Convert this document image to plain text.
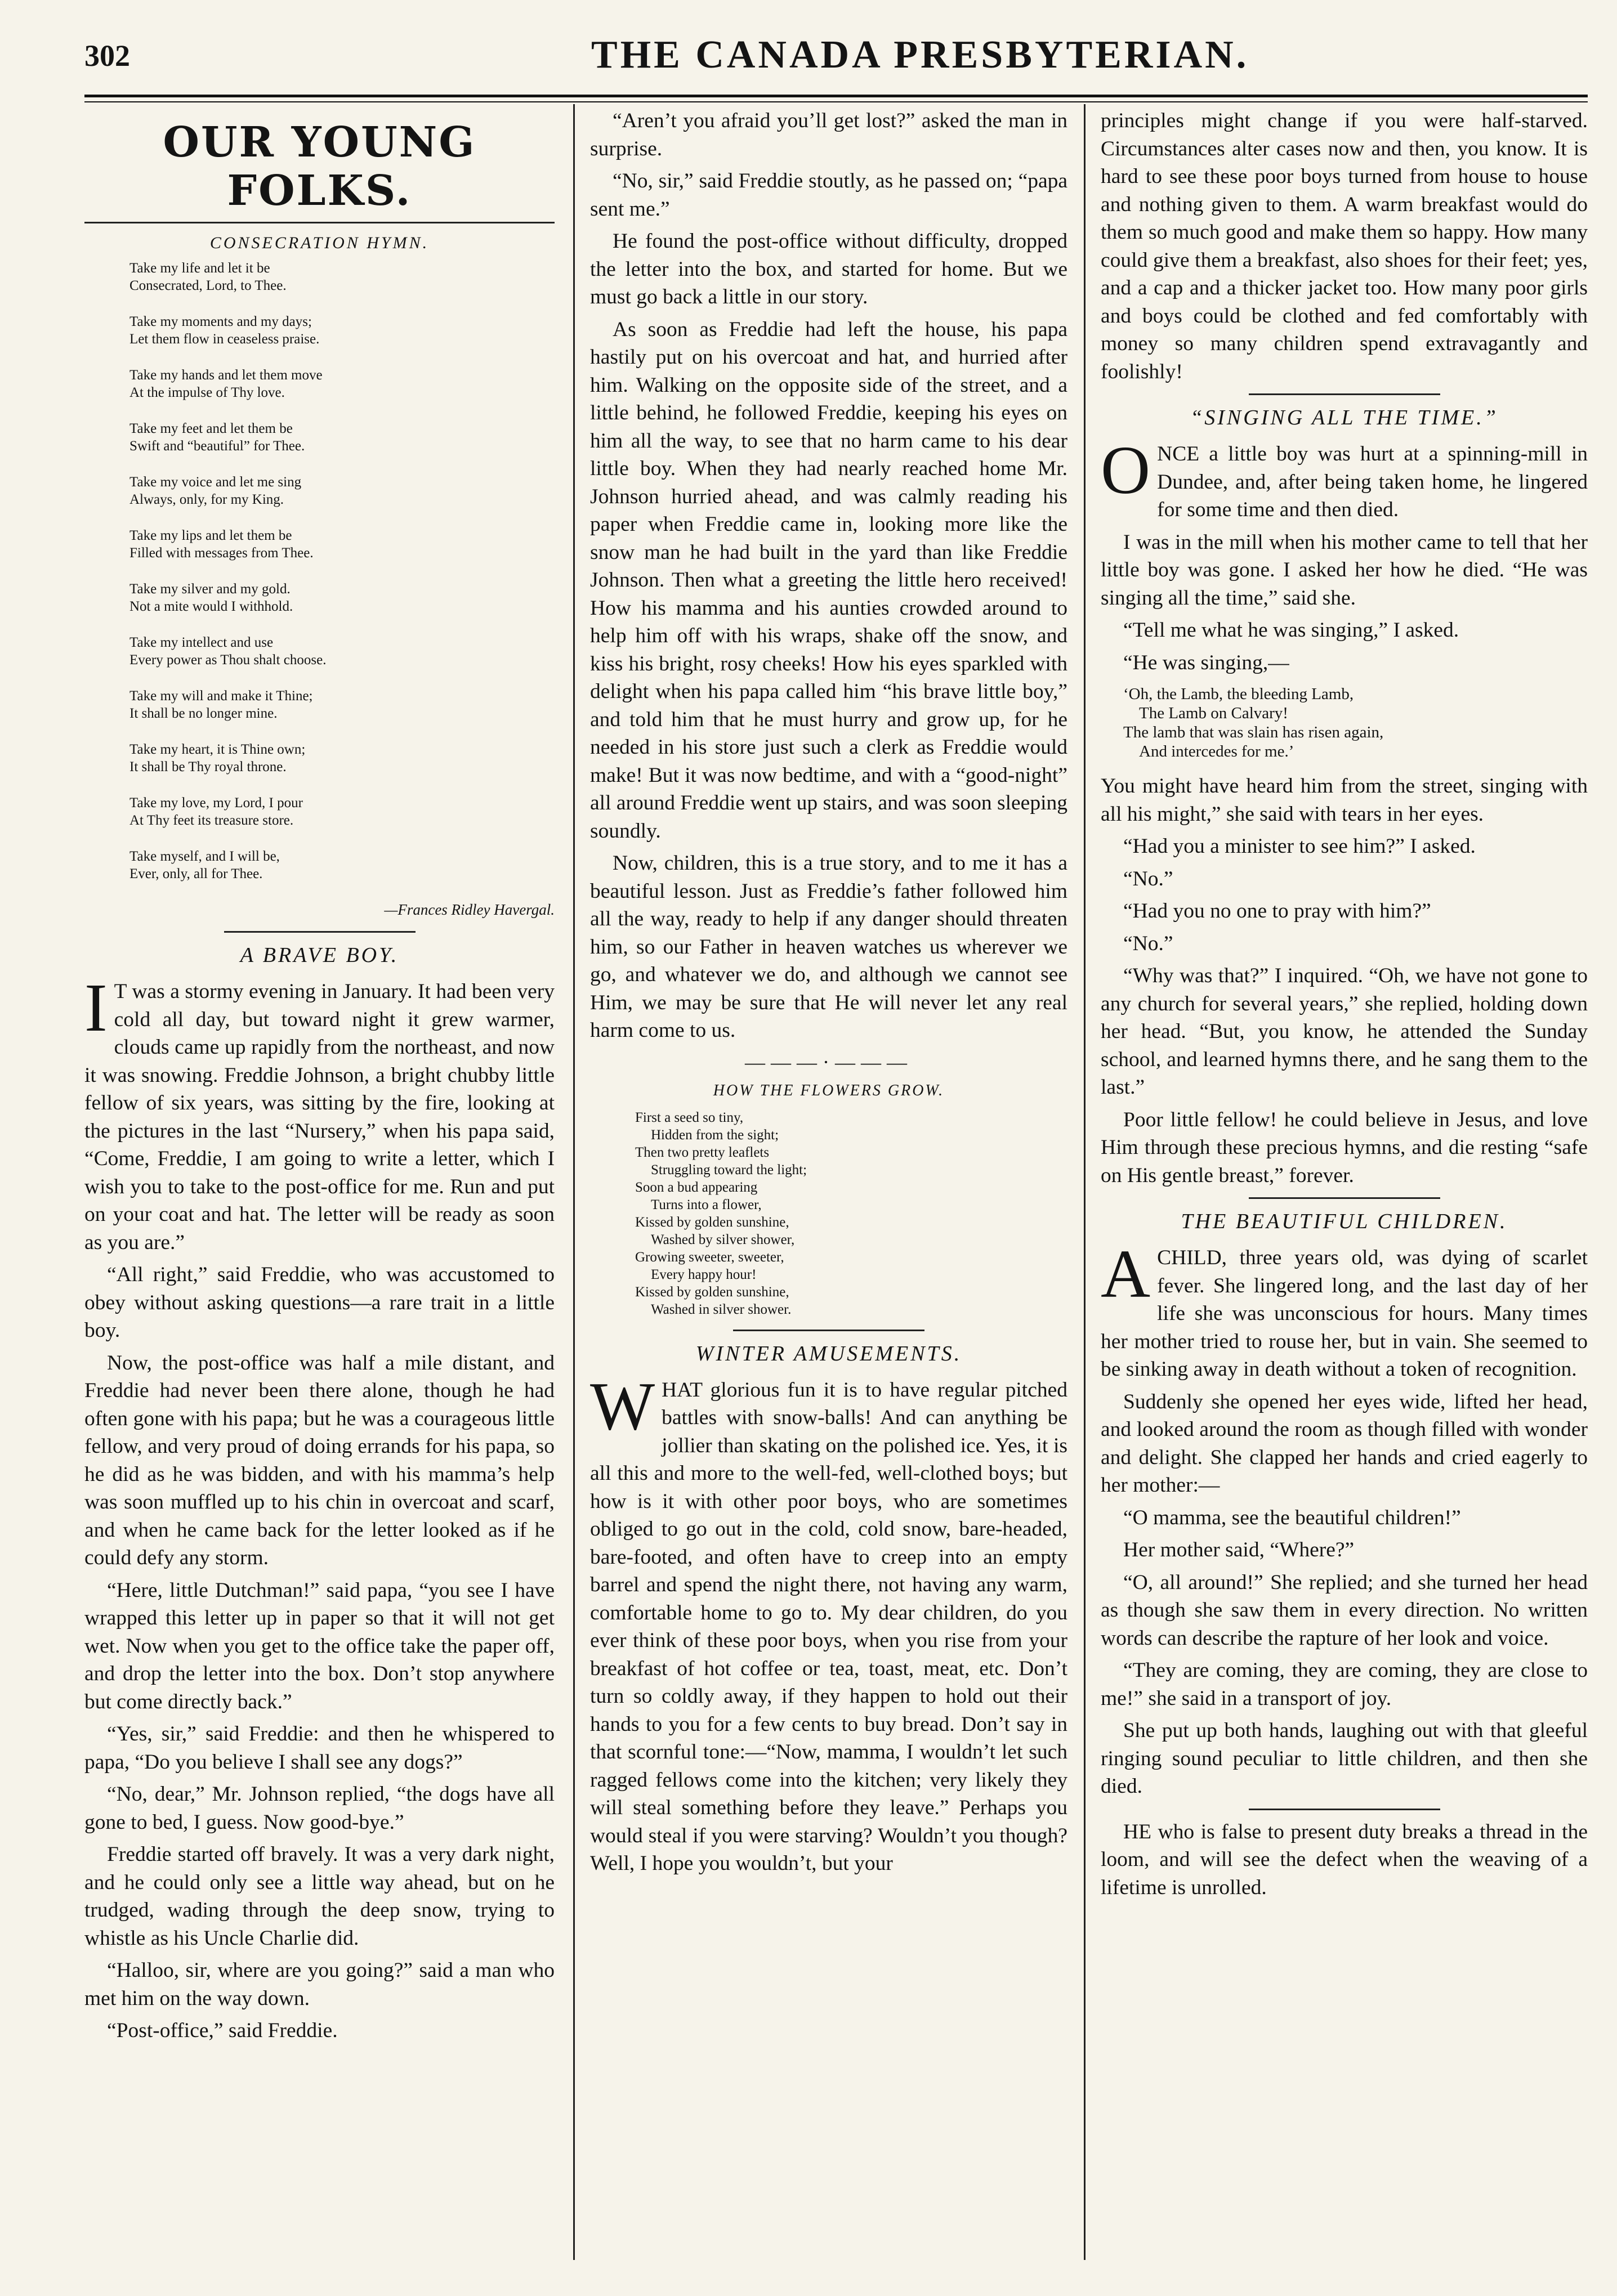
302	THE CANADA PRESBYTERIAN.
OUR YOUNG FOLKS.
CONSECRATION HYMN.
Take my life and let it be
Consecrated, Lord, to Thee.
Take my moments and my days;
Let them flow in ceaseless praise.
Take my hands and let them move
At the impulse of Thy love.
Take my feet and let them be
Swift and “beautiful” for Thee.
Take my voice and let me sing
Always, only, for my King.
Take my lips and let them be
Filled with messages from Thee.
Take my silver and my gold.
Not a mite would I withhold.
Take my intellect and use
Every power as Thou shalt choose.
Take my will and make it Thine;
It shall be no longer mine.
Take my heart, it is Thine own;
It shall be Thy royal throne.
Take my love, my Lord, I pour
At Thy feet its treasure store.
Take myself, and I will be,
Ever, only, all for Thee.
—Frances Ridley Havergal.
A BRAVE BOY.

I T was a stormy evening in January. It had been very cold all day, but toward night it grew warmer, clouds came up rapidly from the northeast, and now it was snowing. Freddie Johnson, a bright chubby little fellow of six years, was sitting by the fire, looking at the pictures in the last “Nursery,” when his papa said, “Come, Freddie, I am going to write a letter, which I wish you to take to the post-office for me. Run and put on your coat and hat. The letter will be ready as soon as you are.”

“All right,” said Freddie, who was accustomed to obey without asking questions—a rare trait in a little boy.

Now, the post-office was half a mile distant, and Freddie had never been there alone, though he had often gone with his papa; but he was a courageous little fellow, and very proud of doing errands for his papa, so he did as he was bidden, and with his mamma’s help was soon muffled up to his chin in overcoat and scarf, and when he came back for the letter looked as if he could defy any storm.

“Here, little Dutchman!” said papa, “you see I have wrapped this letter up in paper so that it will not get wet. Now when you get to the office take the paper off, and drop the letter into the box. Don’t stop anywhere but come directly back.”

“Yes, sir,” said Freddie: and then he whispered to papa, “Do you believe I shall see any dogs?”

“No, dear,” Mr. Johnson replied, “the dogs have all gone to bed, I guess. Now good-bye.”

Freddie started off bravely. It was a very dark night, and he could only see a little way ahead, but on he trudged, wading through the deep snow, trying to whistle as his Uncle Charlie did.

“Halloo, sir, where are you going?” said a man who met him on the way down.

“Post-office,” said Freddie.

“Aren’t you afraid you’ll get lost?” asked the man in surprise.

“No, sir,” said Freddie stoutly, as he passed on; “papa sent me.”

He found the post-office without difficulty, dropped the letter into the box, and started for home. But we must go back a little in our story.

As soon as Freddie had left the house, his papa hastily put on his overcoat and hat, and hurried after him. Walking on the opposite side of the street, and a little behind, he followed Freddie, keeping his eyes on him all the way, to see that no harm came to his dear little boy. When they had nearly reached home Mr. Johnson hurried ahead, and was calmly reading his paper when Freddie came in, looking more like the snow man he had built in the yard than like Freddie Johnson. Then what a greeting the little hero received! How his mamma and his aunties crowded around to help him off with his wraps, shake off the snow, and kiss his bright, rosy cheeks! How his eyes sparkled with delight when his papa called him “his brave little boy,” and told him that he must hurry and grow up, for he needed in his store just such a clerk as Freddie would make! But it was now bedtime, and with a “good-night” all around Freddie went up stairs, and was soon sleeping soundly.

Now, children, this is a true story, and to me it has a beautiful lesson. Just as Freddie’s father followed him all the way, ready to help if any danger should threaten him, so our Father in heaven watches us wherever we go, and whatever we do, and although we cannot see Him, we may be sure that He will never let any real harm come to us.

———·———
HOW THE FLOWERS GROW.
First a seed so tiny,
Hidden from the sight;
Then two pretty leaflets
Struggling toward the light;
Soon a bud appearing
Turns into a flower,
Kissed by golden sunshine,
Washed by silver shower,
Growing sweeter, sweeter,
Every happy hour!
Kissed by golden sunshine,
Washed in silver shower.
WINTER AMUSEMENTS.

WHAT glorious fun it is to have regular pitched battles with snow-balls! And can anything be jollier than skating on the polished ice. Yes, it is all this and more to the well-fed, well-clothed boys; but how is it with other poor boys, who are sometimes obliged to go out in the cold, cold snow, bare-headed, bare-footed, and often have to creep into an empty barrel and spend the night there, not having any warm, comfortable home to go to. My dear children, do you ever think of these poor boys, when you rise from your breakfast of hot coffee or tea, toast, meat, etc. Don’t turn so coldly away, if they happen to hold out their hands to you for a few cents to buy bread. Don’t say in that scornful tone:—“Now, mamma, I wouldn’t let such ragged fellows come into the kitchen; very likely they will steal something before they leave.” Perhaps you would steal if you were starving? Wouldn’t you though? Well, I hope you wouldn’t, but your

principles might change if you were half-starved. Circumstances alter cases now and then, you know. It is hard to see these poor boys turned from house to house and nothing given to them. A warm breakfast would do them so much good and make them so happy. How many could give them a breakfast, also shoes for their feet; yes, and a cap and a thicker jacket too. How many poor girls and boys could be clothed and fed comfortably with money so many children spend extravagantly and foolishly!

“SINGING ALL THE TIME.”

ONCE a little boy was hurt at a spinning-mill in Dundee, and, after being taken home, he lingered for some time and then died.

I was in the mill when his mother came to tell that her little boy was gone. I asked her how he died. “He was singing all the time,” said she.

“Tell me what he was singing,” I asked.

“He was singing,—

‘Oh, the Lamb, the bleeding Lamb,
The Lamb on Calvary!
The lamb that was slain has risen again,
And intercedes for me.’

You might have heard him from the street, singing with all his might,” she said with tears in her eyes.

“Had you a minister to see him?” I asked.

“No.”

“Had you no one to pray with him?”

“No.”

“Why was that?” I inquired. “Oh, we have not gone to any church for several years,” she replied, holding down her head. “But, you know, he attended the Sunday school, and learned hymns there, and he sang them to the last.”

Poor little fellow! he could believe in Jesus, and love Him through these precious hymns, and die resting “safe on His gentle breast,” forever.

THE BEAUTIFUL CHILDREN.

ACHILD, three years old, was dying of scarlet fever. She lingered long, and the last day of her life she was unconscious for hours. Many times her mother tried to rouse her, but in vain. She seemed to be sinking away in death without a token of recognition.

Suddenly she opened her eyes wide, lifted her head, and looked around the room as though filled with wonder and delight. She clapped her hands and cried eagerly to her mother:—

“O mamma, see the beautiful children!”

Her mother said, “Where?”

“O, all around!” She replied; and she turned her head as though she saw them in every direction. No written words can describe the rapture of her look and voice.

“They are coming, they are coming, they are close to me!” she said in a transport of joy.

She put up both hands, laughing out with that gleeful ringing sound peculiar to little children, and then she died.

HE who is false to present duty breaks a thread in the loom, and will see the defect when the weaving of a lifetime is unrolled.
